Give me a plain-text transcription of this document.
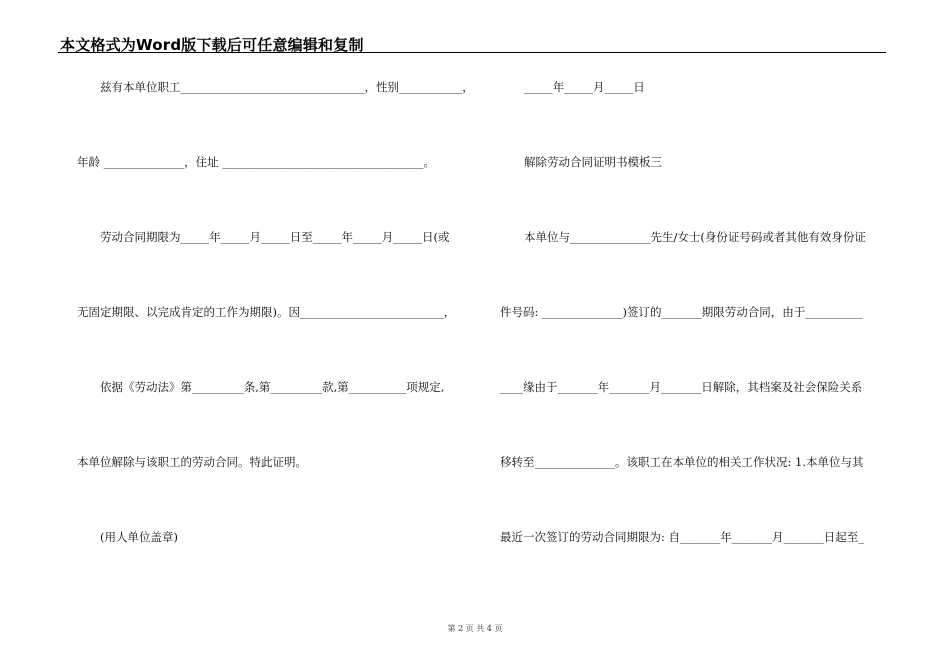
本文格式为Word版下载后可任意编辑和复制
兹有本单位职工________________________________，性别___________，
年龄 ______________，住址 ___________________________________。
劳动合同期限为_____年_____月_____日至_____年_____月_____日(或
无固定期限、以完成肯定的工作为期限)。因_________________________，
依据《劳动法》第_________条,第_________款,第__________项规定,
本单位解除与该职工的劳动合同。特此证明。
(用人单位盖章)
_____年_____月_____日
解除劳动合同证明书模板三
本单位与______________先生/女士(身份证号码或者其他有效身份证
件号码: ______________)签订的_______期限劳动合同，由于__________
____缘由于_______年_______月_______日解除，其档案及社会保险关系
移转至______________。该职工在本单位的相关工作状况: 1.本单位与其
最近一次签订的劳动合同期限为: 自_______年_______月_______日起至_
第 2 页 共 4 页
